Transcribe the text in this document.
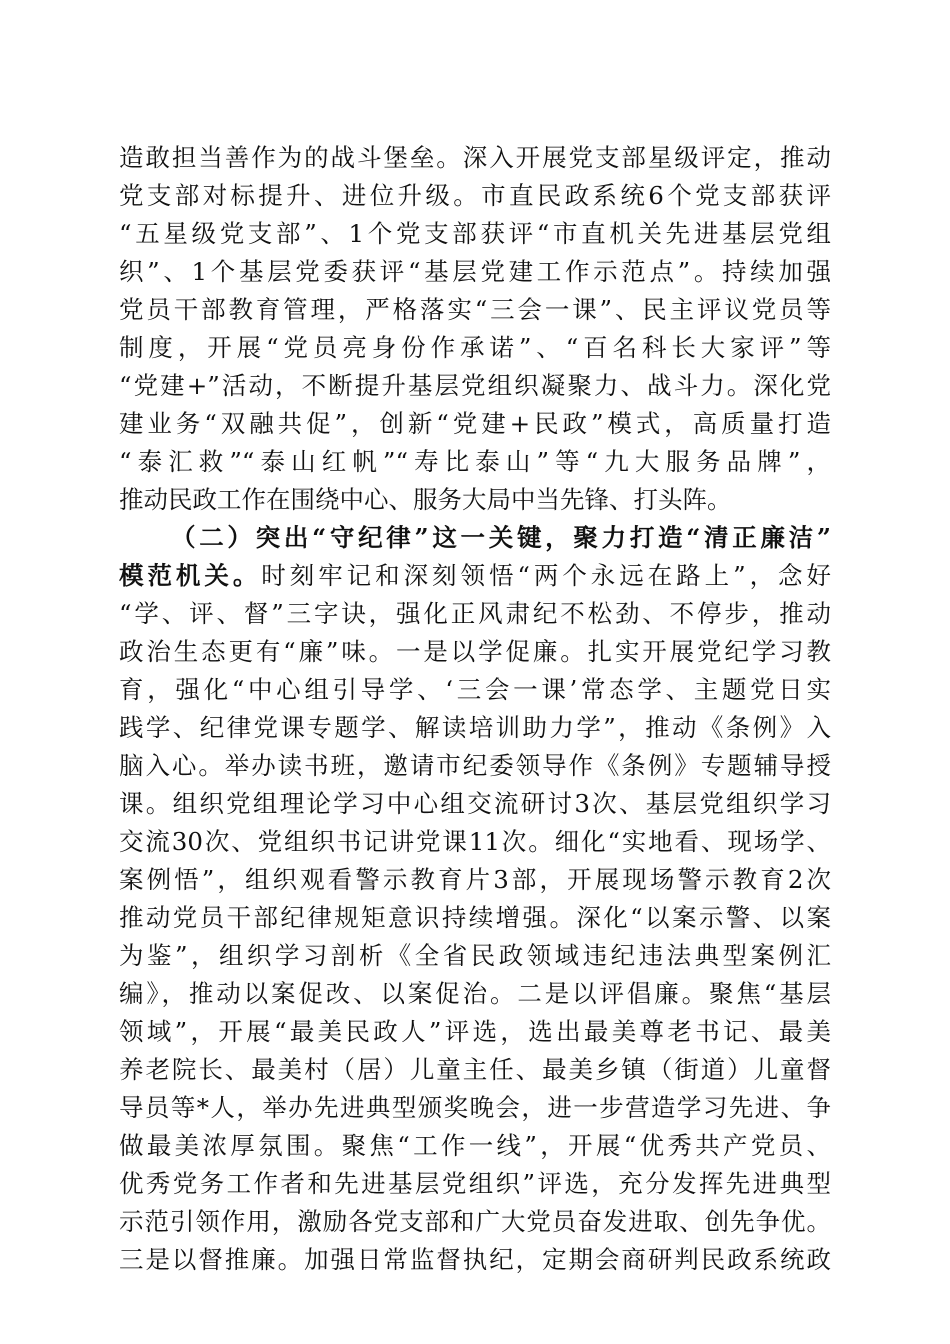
造敢担当善作为的战斗堡垒。深入开展党支部星级评定，推动
党支部对标提升、进位升级。市直民政系统6个党支部获评
“五星级党支部”、1个党支部获评“市直机关先进基层党组
织”、1个基层党委获评“基层党建工作示范点”。持续加强
党员干部教育管理，严格落实“三会一课”、民主评议党员等
制度，开展“党员亮身份作承诺”、“百名科长大家评”等
“党建+”活动，不断提升基层党组织凝聚力、战斗力。深化党
建业务“双融共促”，创新“党建+民政”模式，高质量打造
“泰汇救”“泰山红帆”“寿比泰山”等“九大服务品牌”，
推动民政工作在围绕中心、服务大局中当先锋、打头阵。
（二）突出“守纪律”这一关键，聚力打造“清正廉洁”
模范机关。时刻牢记和深刻领悟“两个永远在路上”，念好
“学、评、督”三字诀，强化正风肃纪不松劲、不停步，推动
政治生态更有“廉”味。一是以学促廉。扎实开展党纪学习教
育，强化“中心组引导学、‘三会一课’常态学、主题党日实
践学、纪律党课专题学、解读培训助力学”，推动《条例》入
脑入心。举办读书班，邀请市纪委领导作《条例》专题辅导授
课。组织党组理论学习中心组交流研讨3次、基层党组织学习
交流30次、党组织书记讲党课11次。细化“实地看、现场学、
案例悟”，组织观看警示教育片3部，开展现场警示教育2次
推动党员干部纪律规矩意识持续增强。深化“以案示警、以案
为鉴”，组织学习剖析《全省民政领域违纪违法典型案例汇
编》，推动以案促改、以案促治。二是以评倡廉。聚焦“基层
领域”，开展“最美民政人”评选，选出最美尊老书记、最美
养老院长、最美村（居）儿童主任、最美乡镇（街道）儿童督
导员等*人，举办先进典型颁奖晚会，进一步营造学习先进、争
做最美浓厚氛围。聚焦“工作一线”，开展“优秀共产党员、
优秀党务工作者和先进基层党组织”评选，充分发挥先进典型
示范引领作用，激励各党支部和广大党员奋发进取、创先争优。
三是以督推廉。加强日常监督执纪，定期会商研判民政系统政
